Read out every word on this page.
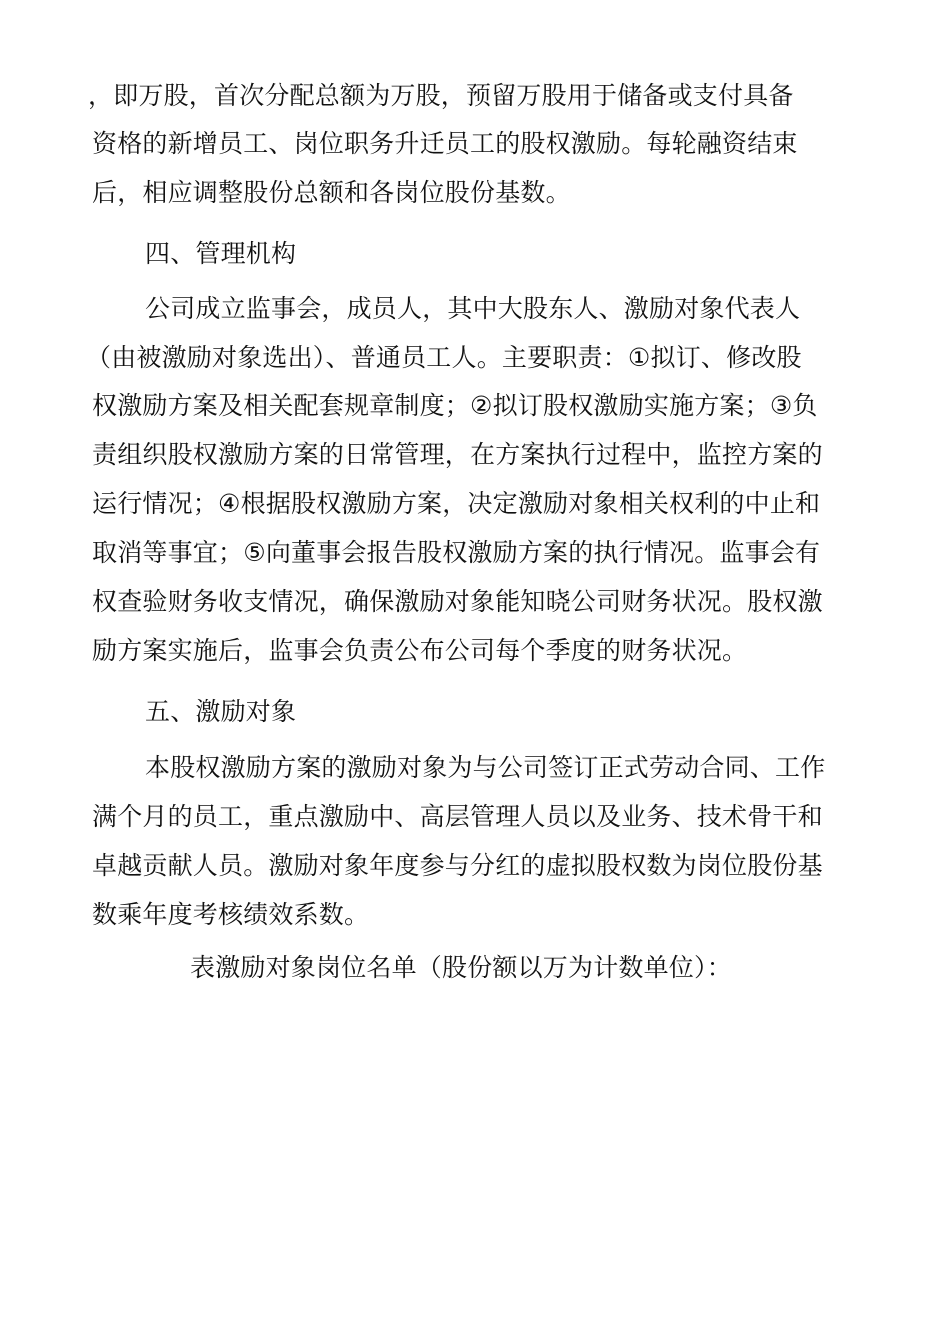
，即万股，首次分配总额为万股，预留万股用于储备或支付具备
资格的新增员工、岗位职务升迁员工的股权激励。每轮融资结束
后，相应调整股份总额和各岗位股份基数。
四、管理机构
公司成立监事会，成员人，其中大股东人、激励对象代表人
（由被激励对象选出）、普通员工人。主要职责：①拟订、修改股
权激励方案及相关配套规章制度；②拟订股权激励实施方案；③负
责组织股权激励方案的日常管理，在方案执行过程中，监控方案的
运行情况；④根据股权激励方案，决定激励对象相关权利的中止和
取消等事宜；⑤向董事会报告股权激励方案的执行情况。监事会有
权查验财务收支情况，确保激励对象能知晓公司财务状况。股权激
励方案实施后，监事会负责公布公司每个季度的财务状况。
五、激励对象
本股权激励方案的激励对象为与公司签订正式劳动合同、工作
满个月的员工，重点激励中、高层管理人员以及业务、技术骨干和
卓越贡献人员。激励对象年度参与分红的虚拟股权数为岗位股份基
数乘年度考核绩效系数。
表激励对象岗位名单（股份额以万为计数单位）：
